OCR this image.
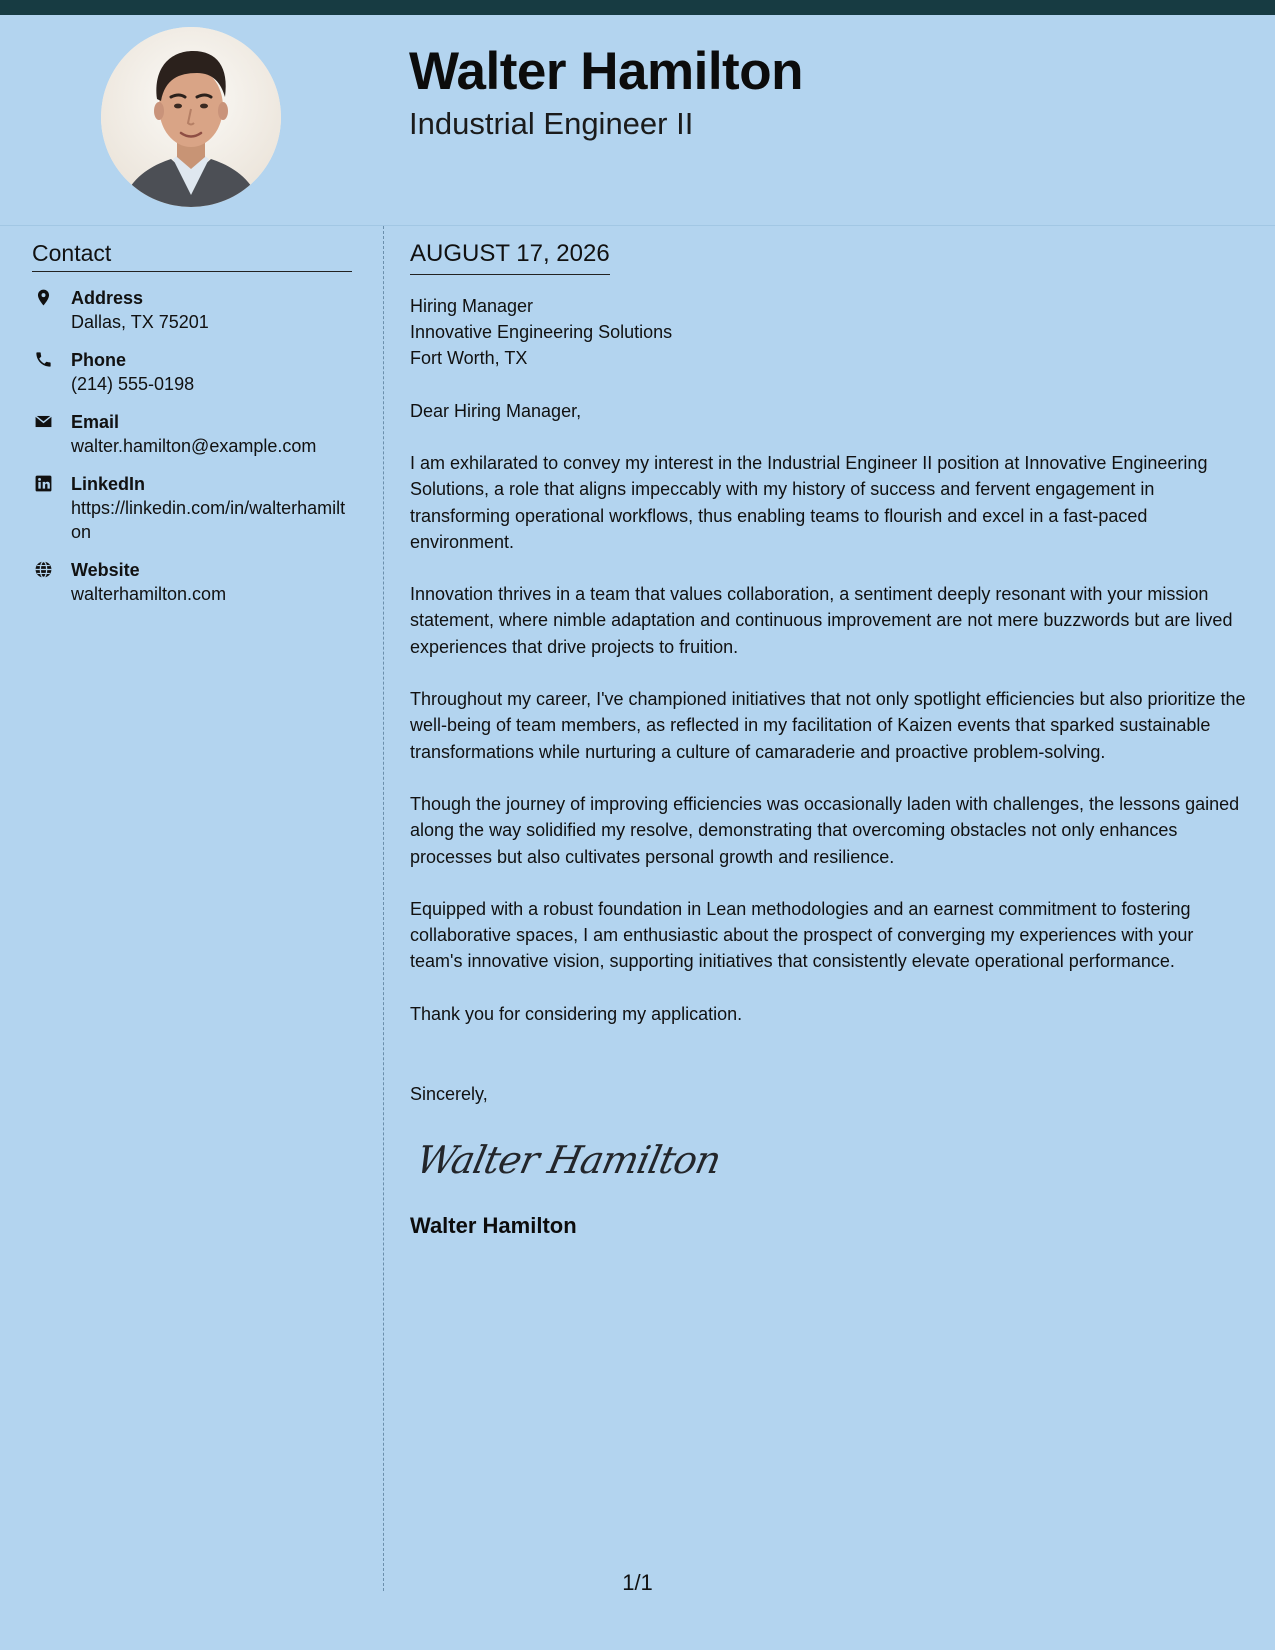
Walter Hamilton
Industrial Engineer II
Contact
Address
Dallas, TX 75201
Phone
(214) 555-0198
Email
walter.hamilton@example.com
LinkedIn
https://linkedin.com/in/walterhamilton
Website
walterhamilton.com
AUGUST 17, 2026
Hiring Manager
Innovative Engineering Solutions
Fort Worth, TX

Dear Hiring Manager,

I am exhilarated to convey my interest in the Industrial Engineer II position at Innovative Engineering Solutions, a role that aligns impeccably with my history of success and fervent engagement in transforming operational workflows, thus enabling teams to flourish and excel in a fast-paced environment.

Innovation thrives in a team that values collaboration, a sentiment deeply resonant with your mission statement, where nimble adaptation and continuous improvement are not mere buzzwords but are lived experiences that drive projects to fruition.

Throughout my career, I've championed initiatives that not only spotlight efficiencies but also prioritize the well-being of team members, as reflected in my facilitation of Kaizen events that sparked sustainable transformations while nurturing a culture of camaraderie and proactive problem-solving.

Though the journey of improving efficiencies was occasionally laden with challenges, the lessons gained along the way solidified my resolve, demonstrating that overcoming obstacles not only enhances processes but also cultivates personal growth and resilience.

Equipped with a robust foundation in Lean methodologies and an earnest commitment to fostering collaborative spaces, I am enthusiastic about the prospect of converging my experiences with your team's innovative vision, supporting initiatives that consistently elevate operational performance.

Thank you for considering my application.

Sincerely,

Walter Hamilton

Walter Hamilton

1/1
